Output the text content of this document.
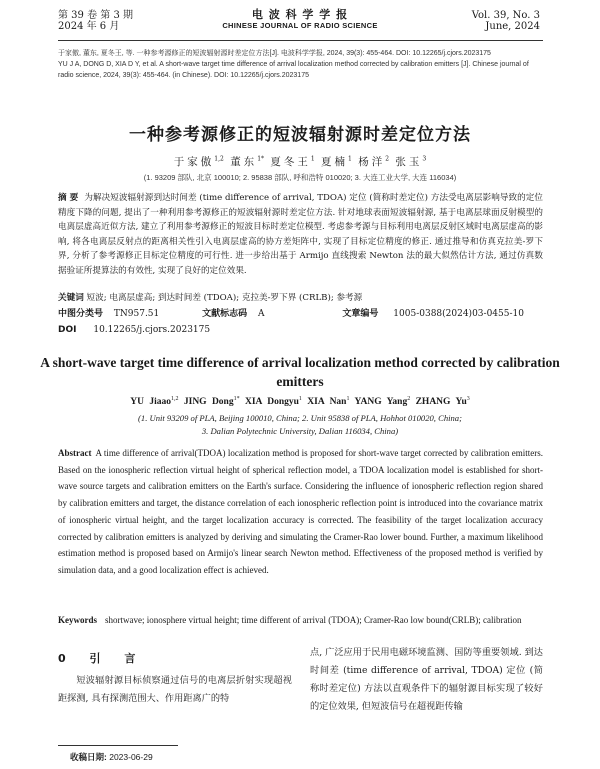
第 39 卷 第 3 期
2024 年 6 月
电 波 科 学 学 报
CHINESE JOURNAL OF RADIO SCIENCE
Vol. 39, No. 3
June, 2024
于家傲, 董东, 夏冬王, 等. 一种参考源修正的短波辐射源时差定位方法[J]. 电波科学学报, 2024, 39(3): 455-464. DOI: 10.12265/j.cjors.2023175
YU J A, DONG D, XIA D Y, et al. A short-wave target time difference of arrival localization method corrected by calibration emitters [J]. Chinese journal of
radio science, 2024, 39(3): 455-464. (in Chinese). DOI: 10.12265/j.cjors.2023175
一种参考源修正的短波辐射源时差定位方法
于家傲$^{1,2}$ 董东$^{1*}$ 夏冬王$^1$ 夏楠$^1$ 杨洋$^2$ 张玉$^3$
(1. 93209 部队, 北京 100010; 2. 95838 部队, 呼和浩特 010020; 3. 大连工业大学, 大连 116034)
摘 要 为解决短波辐射源到达时间差 (time difference of arrival, TDOA) 定位 (简称时差定位) 方法受电离层影响导致的定位精度下降的问题, 提出了一种利用参考源修正的短波辐射源时差定位方法. 针对地球表面短波辐射源, 基于电离层球面反射模型的电离层虚高近似方法, 建立了利用参考源修正的短波目标时差定位模型. 考虑参考源与目标利用电离层反射区域时电离层虚高的影响, 将各电离层反射点的距离相关性引入电离层虚高的协方差矩阵中, 实现了目标定位精度的修正. 通过推导和仿真克拉美-罗下界, 分析了参考源修正目标定位精度的可行性. 进一步给出基于 Armijo 直线搜索 Newton 法的最大似然估计方法, 通过仿真数据验证所提算法的有效性, 实现了良好的定位效果.
关键词 短波; 电离层虚高; 到达时间差 (TDOA); 克拉美-罗下界 (CRLB); 参考源
中图分类号 TN957.51	文献标志码 A	文章编号 1005-0388(2024)03-0455-10
DOI 10.12265/j.cjors.2023175
A short-wave target time difference of arrival localization method corrected by calibration emitters
YU Jiaao$^{1,2}$ JING Dong$^{1*}$ XIA Dongyu$^1$ XIA Nan$^1$ YANG Yang$^2$ ZHANG Yu$^3$
(1. Unit 93209 of PLA, Beijing 100010, China; 2. Unit 95838 of PLA, Hohhot 010020, China;
3. Dalian Polytechnic University, Dalian 116034, China)
Abstract A time difference of arrival(TDOA) localization method is proposed for short-wave target corrected by calibration emitters. Based on the ionospheric reflection virtual height of spherical reflection model, a TDOA localization model is established for short-wave source targets and calibration emitters on the Earth's surface. Considering the influence of ionospheric reflection region shared by calibration emitters and target, the distance correlation of each ionospheric reflection point is introduced into the covariance matrix of ionospheric virtual height, and the target localization accuracy is corrected. The feasibility of the target localization accuracy corrected by calibration emitters is analyzed by deriving and simulating the Cramer-Rao lower bound. Further, a maximum likelihood estimation method is proposed based on Armijo's linear search Newton method. Effectiveness of the proposed method is verified by simulation data, and a good localization effect is achieved.
Keywords shortwave; ionosphere virtual height; time different of arrival (TDOA); Cramer-Rao low bound(CRLB); calibration
0 引 言
短波辐射源目标侦察通过信号的电离层折射实现超视距探测, 具有探测范围大、作用距离广的特
点, 广泛应用于民用电磁环境监测、国防等重要领域. 到达时间差 (time difference of arrival, TDOA) 定位 (简称时差定位) 方法以直观条件下的辐射源目标实现了较好的定位效果, 但短波信号在超视距传输
收稿日期: 2023-06-29
